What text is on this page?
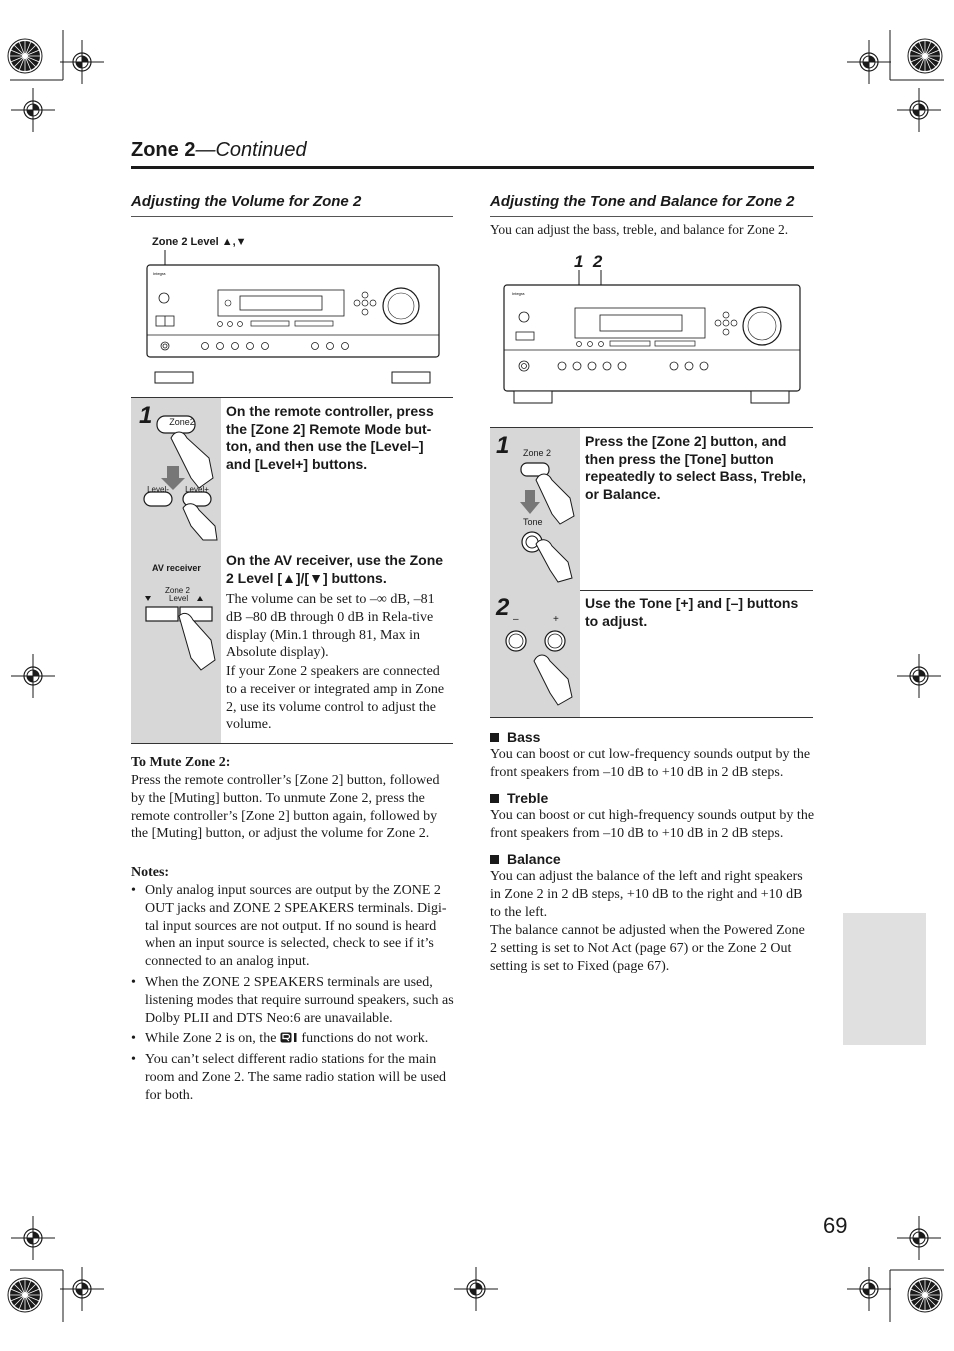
Zone 2—Continued
Adjusting the Volume for Zone 2
Zone 2 Level ▲,▼
Integra
1	Zone2
Level-	Level+
AV receiver
Zone 2
Level
On the remote controller, press the [Zone 2] Remote Mode but-ton, and then use the [Level–] and [Level+] buttons.
On the AV receiver, use the Zone 2 Level [▲]/[▼] buttons.
The volume can be set to –∞ dB, –81 dB –80 dB through 0 dB in Rela-tive display (Min.1 through 81, Max in Absolute display).
If your Zone 2 speakers are connected to a receiver or integrated amp in Zone 2, use its volume control to adjust the volume.
To Mute Zone 2:
Press the remote controller’s [Zone 2] button, followed by the [Muting] button. To unmute Zone 2, press the remote controller’s [Zone 2] button again, followed by the [Muting] button, or adjust the volume for Zone 2.
Notes:
• Only analog input sources are output by the ZONE 2 OUT jacks and ZONE 2 SPEAKERS terminals. Digi-tal input sources are not output. If no sound is heard when an input source is selected, check to see if it’s connected to an analog input.
• When the ZONE 2 SPEAKERS terminals are used, listening modes that require surround speakers, such as Dolby PLII and DTS Neo:6 are unavailable.
• While Zone 2 is on, the functions do not work.
• You can’t select different radio stations for the main room and Zone 2. The same radio station will be used for both.
Adjusting the Tone and Balance for Zone 2
You can adjust the bass, treble, and balance for Zone 2.
1  2
Integra
1 Zone 2
Tone
Press the [Zone 2] button, and then press the [Tone] button repeatedly to select Bass, Treble, or Balance.
2 –	+
Use the Tone [+] and [–] buttons to adjust.
Bass
You can boost or cut low-frequency sounds output by the front speakers from –10 dB to +10 dB in 2 dB steps.
Treble
You can boost or cut high-frequency sounds output by the front speakers from –10 dB to +10 dB in 2 dB steps.
Balance
You can adjust the balance of the left and right speakers in Zone 2 in 2 dB steps, +10 dB to the right and +10 dB to the left.
The balance cannot be adjusted when the Powered Zone 2 setting is set to Not Act (page 67) or the Zone 2 Out setting is set to Fixed (page 67).
69
